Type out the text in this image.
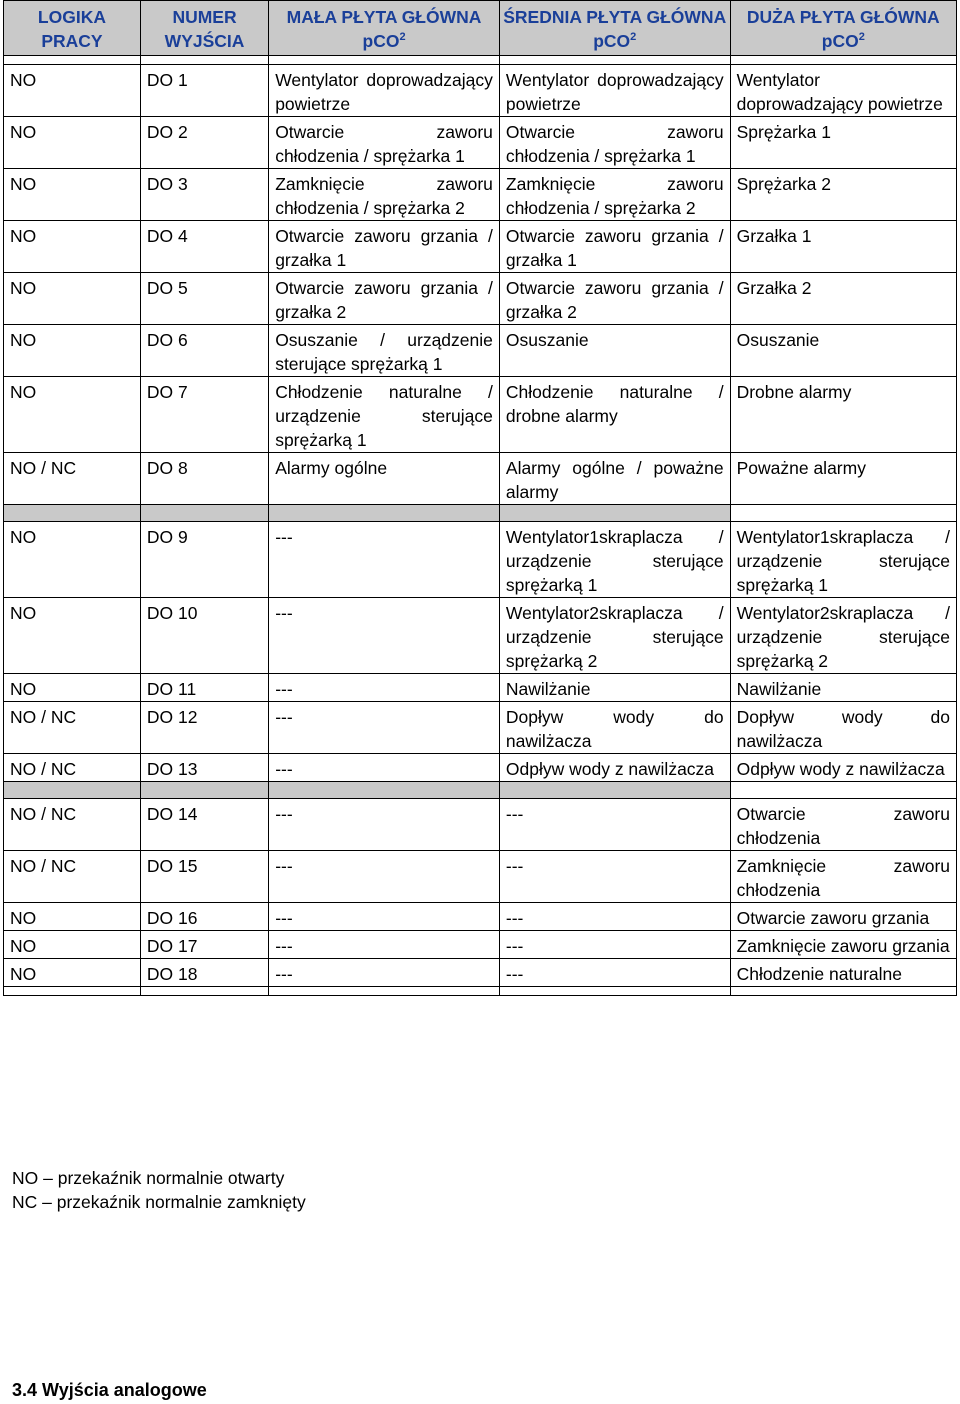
LOGIKA PRACY	NUMER WYJŚCIA	MAŁA PŁYTA GŁÓWNA pCO$^2$	ŚREDNIA PŁYTA GŁÓWNA pCO$^2$	DUŻA PŁYTA GŁÓWNA pCO$^2$

NO	DO 1	Wentylator doprowadzający powietrze	Wentylator doprowadzający powietrze	Wentylator doprowadzający powietrze
NO	DO 2	Otwarcie zaworu chłodzenia / sprężarka 1	Otwarcie zaworu chłodzenia / sprężarka 1	Sprężarka 1
NO	DO 3	Zamknięcie zaworu chłodzenia / sprężarka 2	Zamknięcie zaworu chłodzenia / sprężarka 2	Sprężarka 2
NO	DO 4	Otwarcie zaworu grzania / grzałka 1	Otwarcie zaworu grzania / grzałka 1	Grzałka 1
NO	DO 5	Otwarcie zaworu grzania / grzałka 2	Otwarcie zaworu grzania / grzałka 2	Grzałka 2
NO	DO 6	Osuszanie / urządzenie sterujące sprężarką 1	Osuszanie	Osuszanie
NO	DO 7	Chłodzenie naturalne / urządzenie sterujące sprężarką 1	Chłodzenie naturalne / drobne alarmy	Drobne alarmy
NO / NC	DO 8	Alarmy ogólne	Alarmy ogólne / poważne alarmy	Poważne alarmy

NO	DO 9	---	Wentylator1skraplacza / urządzenie sterujące sprężarką 1	Wentylator1skraplacza / urządzenie sterujące sprężarką 1
NO	DO 10	---	Wentylator2skraplacza / urządzenie sterujące sprężarką 2	Wentylator2skraplacza / urządzenie sterujące sprężarką 2
NO	DO 11	---	Nawilżanie	Nawilżanie
NO / NC	DO 12	---	Dopływ wody do nawilżacza	Dopływ wody do nawilżacza
NO / NC	DO 13	---	Odpływ wody z nawilżacza	Odpływ wody z nawilżacza

NO / NC	DO 14	---	---	Otwarcie zaworu chłodzenia
NO / NC	DO 15	---	---	Zamknięcie zaworu chłodzenia
NO	DO 16	---	---	Otwarcie zaworu grzania
NO	DO 17	---	---	Zamknięcie zaworu grzania
NO	DO 18	---	---	Chłodzenie naturalne

NO – przekaźnik normalnie otwarty
NC – przekaźnik normalnie zamknięty
3.4 Wyjścia analogowe
